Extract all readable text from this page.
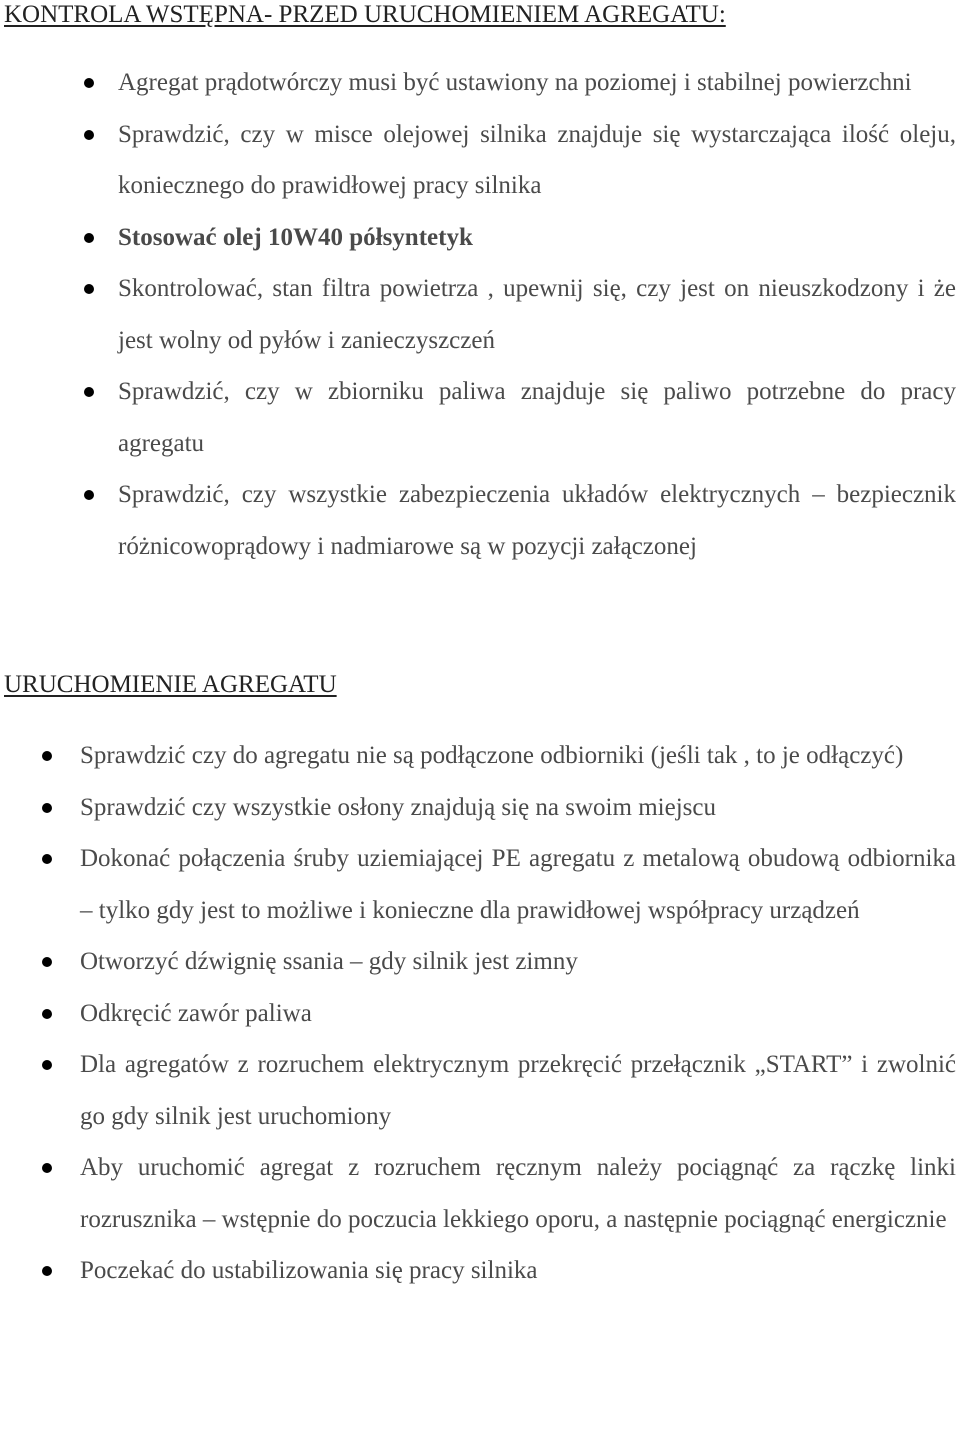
KONTROLA WSTĘPNA- PRZED URUCHOMIENIEM AGREGATU:
Agregat prądotwórczy musi być ustawiony na poziomej i stabilnej powierzchni
Sprawdzić, czy w misce olejowej silnika znajduje się wystarczająca ilość oleju, koniecznego do prawidłowej pracy silnika
Stosować olej 10W40 półsyntetyk
Skontrolować, stan filtra powietrza , upewnij się, czy jest on nieuszkodzony i że jest wolny od pyłów i zanieczyszczeń
Sprawdzić, czy w zbiorniku paliwa znajduje się paliwo potrzebne do pracy agregatu
Sprawdzić, czy wszystkie zabezpieczenia układów elektrycznych – bezpiecznik różnicowoprądowy i nadmiarowe są w pozycji załączonej
URUCHOMIENIE AGREGATU
Sprawdzić czy do agregatu nie są podłączone odbiorniki (jeśli tak , to je odłączyć)
Sprawdzić czy wszystkie osłony znajdują się na swoim miejscu
Dokonać połączenia śruby uziemiającej PE agregatu z metalową obudową odbiornika – tylko gdy jest to możliwe i konieczne dla prawidłowej współpracy urządzeń
Otworzyć dźwignię ssania – gdy silnik jest zimny
Odkręcić zawór paliwa
Dla agregatów z rozruchem elektrycznym przekręcić przełącznik „START” i zwolnić go gdy silnik jest uruchomiony
Aby uruchomić agregat z rozruchem ręcznym należy pociągnąć za rączkę linki rozrusznika – wstępnie do poczucia lekkiego oporu, a następnie pociągnąć energicznie
Poczekać do ustabilizowania się pracy silnika
